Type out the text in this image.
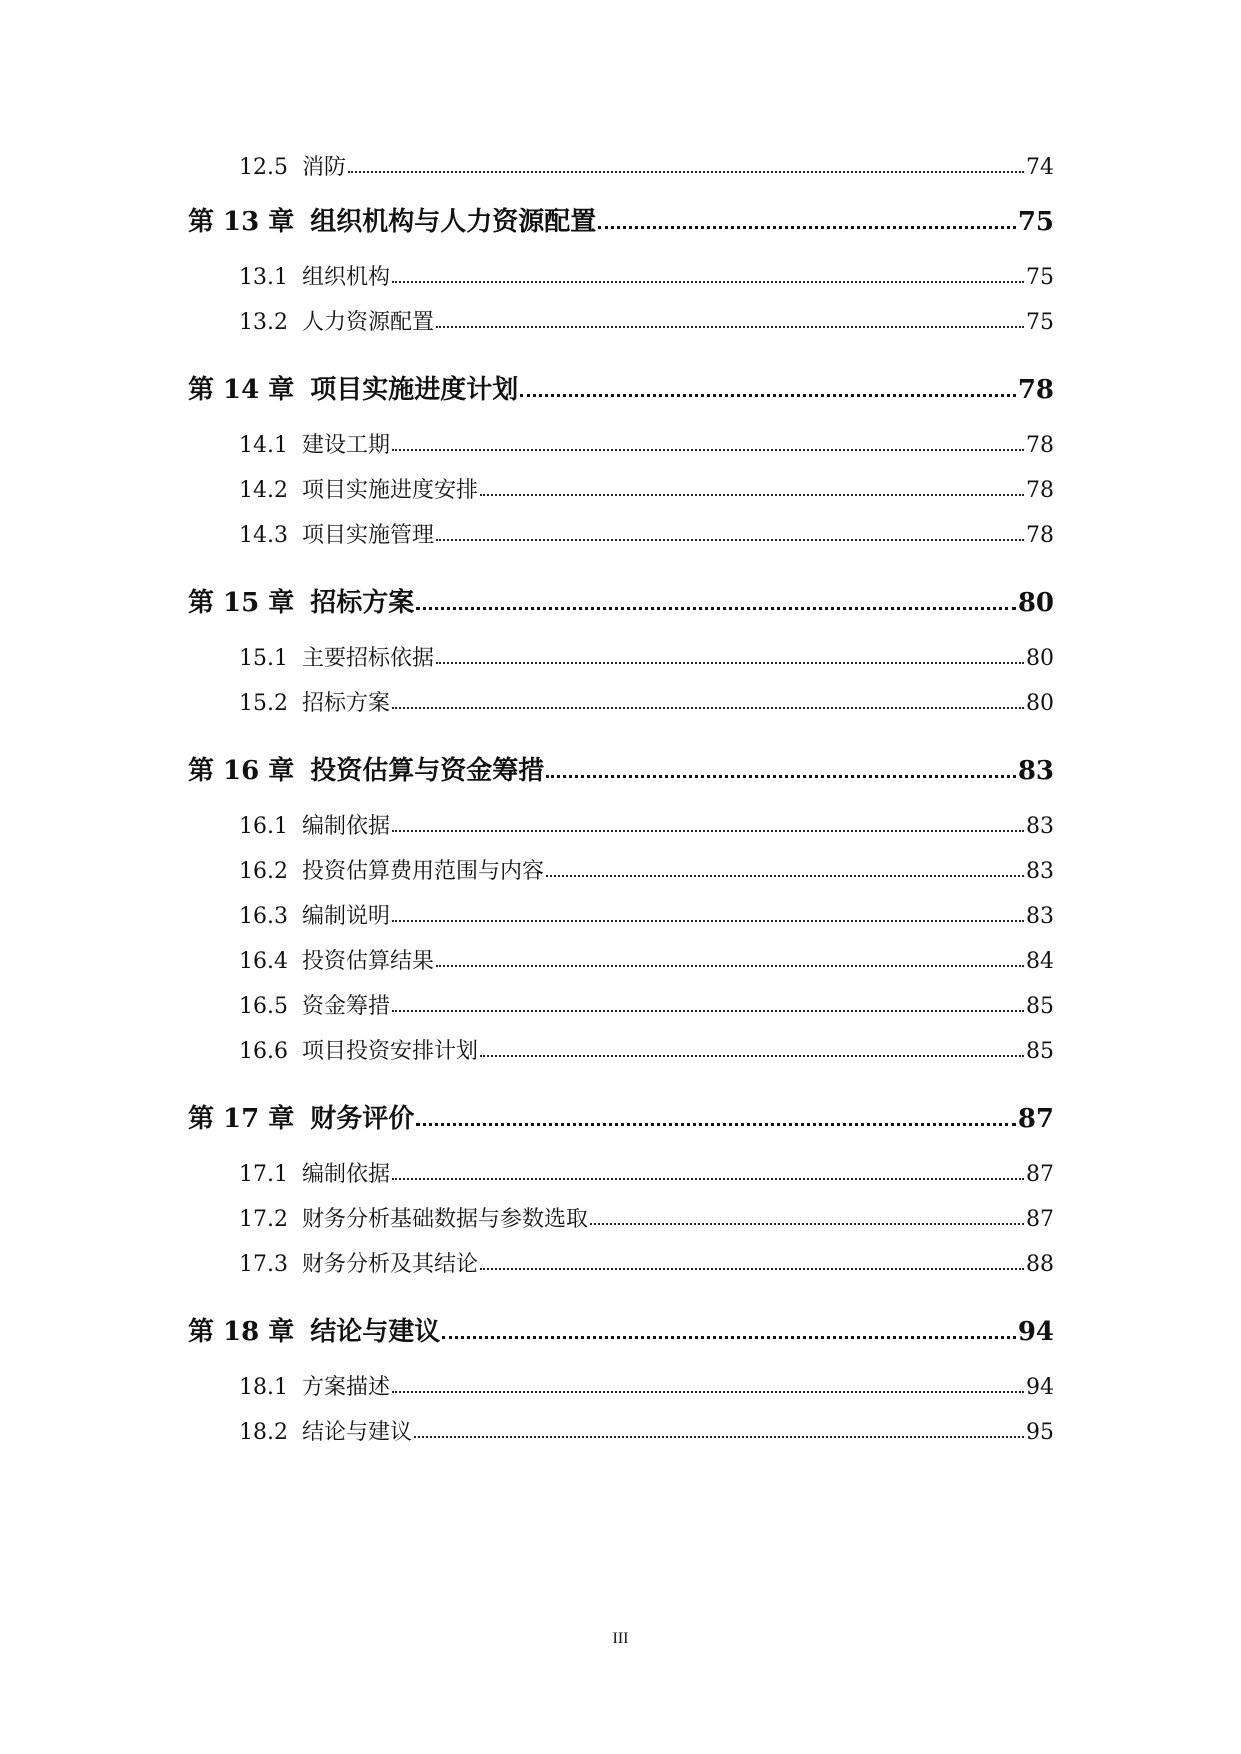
12.5 消防	74
第 13 章 组织机构与人力资源配置	75
13.1 组织机构	75
13.2 人力资源配置	75
第 14 章 项目实施进度计划	78
14.1 建设工期	78
14.2 项目实施进度安排	78
14.3 项目实施管理	78
第 15 章 招标方案	80
15.1 主要招标依据	80
15.2 招标方案	80
第 16 章 投资估算与资金筹措	83
16.1 编制依据	83
16.2 投资估算费用范围与内容	83
16.3 编制说明	83
16.4 投资估算结果	84
16.5 资金筹措	85
16.6 项目投资安排计划	85
第 17 章 财务评价	87
17.1 编制依据	87
17.2 财务分析基础数据与参数选取	87
17.3 财务分析及其结论	88
第 18 章 结论与建议	94
18.1 方案描述	94
18.2 结论与建议	95
III
